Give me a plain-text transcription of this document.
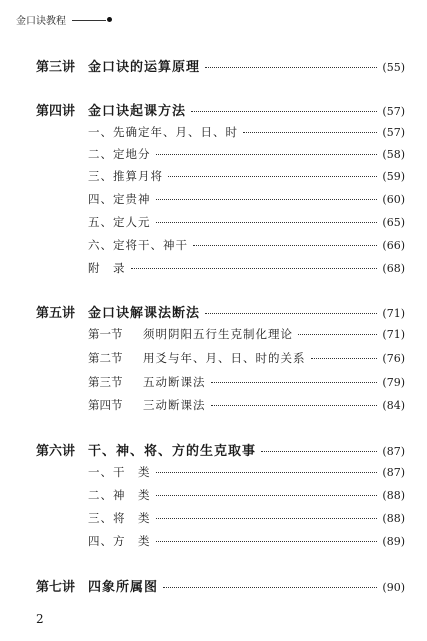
金口诀教程
第三讲 金口诀的运算原理	(55)
第四讲 金口诀起课方法	(57)
一、先确定年、月、日、时	(57)
二、定地分	(58)
三、推算月将	(59)
四、定贵神	(60)
五、定人元	(65)
六、定将干、神干	(66)
附　录	(68)
第五讲 金口诀解课法断法	(71)
第一节	须明阴阳五行生克制化理论	(71)
第二节	用爻与年、月、日、时的关系	(76)
第三节	五动断课法	(79)
第四节	三动断课法	(84)
第六讲 干、神、将、方的生克取事	(87)
一、干　类	(87)
二、神　类	(88)
三、将　类	(88)
四、方　类	(89)
第七讲 四象所属图	(90)
2
